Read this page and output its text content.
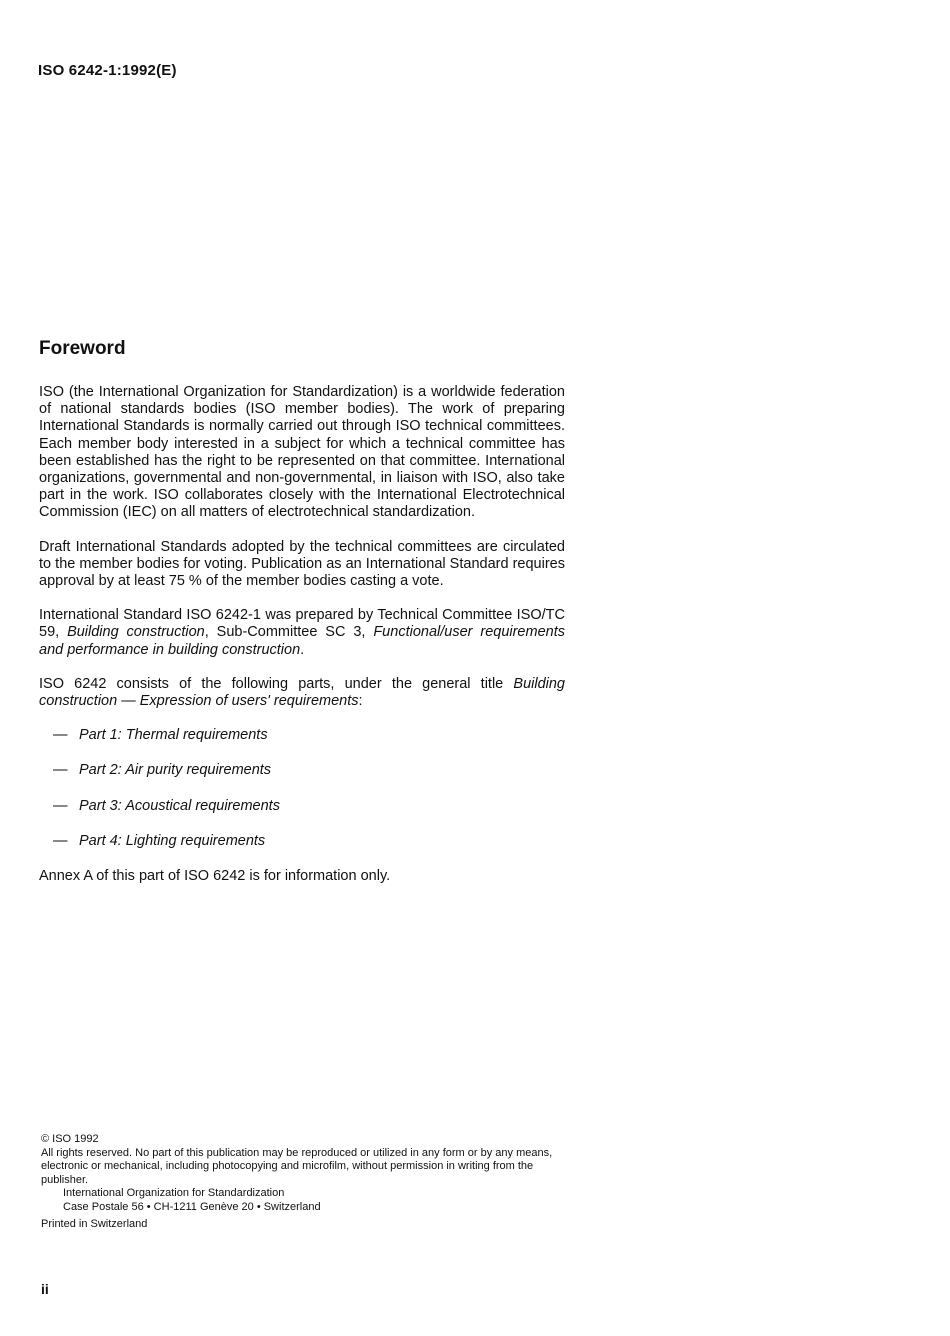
ISO 6242-1:1992(E)
Foreword

ISO (the International Organization for Standardization) is a worldwide federation of national standards bodies (ISO member bodies). The work of preparing International Standards is normally carried out through ISO technical committees. Each member body interested in a subject for which a technical committee has been established has the right to be represented on that committee. International organizations, governmental and non-governmental, in liaison with ISO, also take part in the work. ISO collaborates closely with the International Electrotechnical Commission (IEC) on all matters of electrotechnical standardization.

Draft International Standards adopted by the technical committees are circulated to the member bodies for voting. Publication as an International Standard requires approval by at least 75 % of the member bodies casting a vote.

International Standard ISO 6242-1 was prepared by Technical Committee ISO/TC 59, Building construction, Sub-Committee SC 3, Functional/user requirements and performance in building construction.

ISO 6242 consists of the following parts, under the general title Building construction — Expression of users' requirements:

— Part 1: Thermal requirements
— Part 2: Air purity requirements
— Part 3: Acoustical requirements
— Part 4: Lighting requirements

Annex A of this part of ISO 6242 is for information only.

© ISO 1992

All rights reserved. No part of this publication may be reproduced or utilized in any form or by any means, electronic or mechanical, including photocopying and microfilm, without permission in writing from the publisher.

International Organization for Standardization

Case Postale 56 • CH-1211 Genève 20 • Switzerland

Printed in Switzerland

ii
